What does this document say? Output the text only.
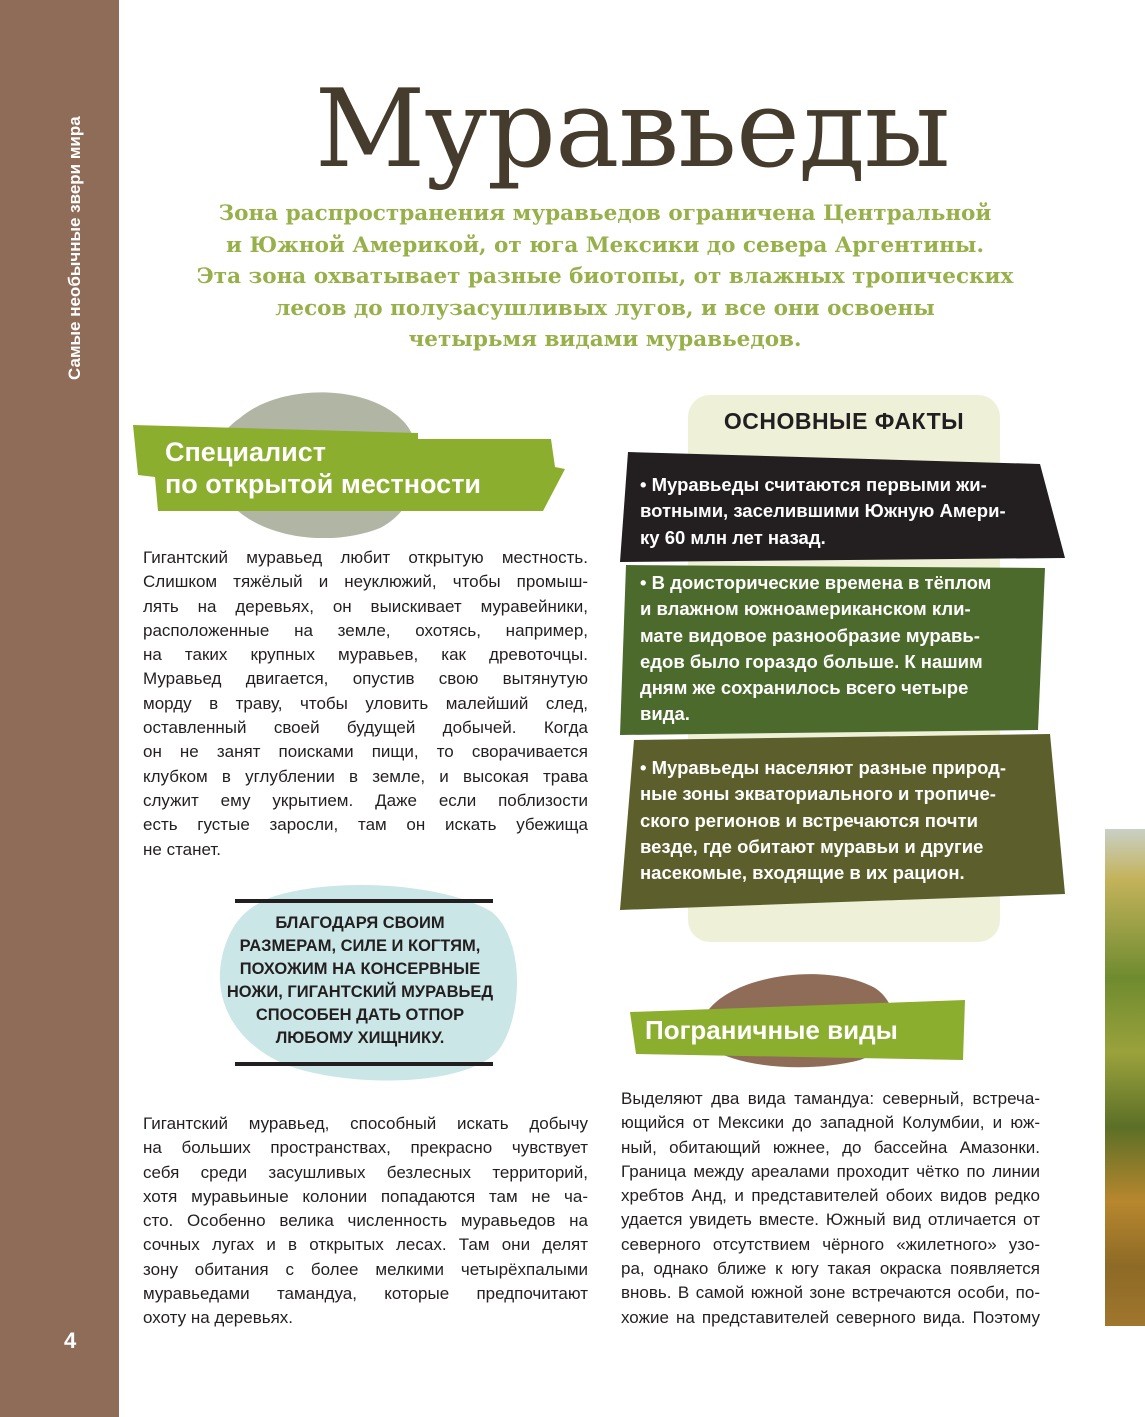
Самые необычные звери мира
4
Муравьеды
Зона распространения муравьедов ограничена Центральной
и Южной Америкой, от юга Мексики до севера Аргентины.
Эта зона охватывает разные биотопы, от влажных тропических
лесов до полузасушливых лугов, и все они освоены
четырьмя видами муравьедов.
Специалист
по открытой местности
Гигантский муравьед любит открытую местность.
Слишком тяжёлый и неуклюжий, чтобы промыш-
лять на деревьях, он выискивает муравейники,
расположенные на земле, охотясь, например,
на таких крупных муравьев, как древоточцы.
Муравьед двигается, опустив свою вытянутую
морду в траву, чтобы уловить малейший след,
оставленный своей будущей добычей. Когда
он не занят поисками пищи, то сворачивается
клубком в углублении в земле, и высокая трава
служит ему укрытием. Даже если поблизости
есть густые заросли, там он искать убежища
не станет.
БЛАГОДАРЯ СВОИМ
РАЗМЕРАМ, СИЛЕ И КОГТЯМ,
ПОХОЖИМ НА КОНСЕРВНЫЕ
НОЖИ, ГИГАНТСКИЙ МУРАВЬЕД
СПОСОБЕН ДАТЬ ОТПОР
ЛЮБОМУ ХИЩНИКУ.
Гигантский муравьед, способный искать добычу
на больших пространствах, прекрасно чувствует
себя среди засушливых безлесных территорий,
хотя муравьиные колонии попадаются там не ча-
сто. Особенно велика численность муравьедов на
сочных лугах и в открытых лесах. Там они делят
зону обитания с более мелкими четырёхпалыми
муравьедами тамандуа, которые предпочитают
охоту на деревьях.
ОСНОВНЫЕ ФАКТЫ
• Муравьеды считаются первыми жи-
вотными, заселившими Южную Амери-
ку 60 млн лет назад.
• В доисторические времена в тёплом
и влажном южноамериканском кли-
мате видовое разнообразие муравь-
едов было гораздо больше. К нашим
дням же сохранилось всего четыре
вида.
• Муравьеды населяют разные природ-
ные зоны экваториального и тропиче-
ского регионов и встречаются почти
везде, где обитают муравьи и другие
насекомые, входящие в их рацион.
Пограничные виды
Выделяют два вида тамандуа: северный, встреча-
ющийся от Мексики до западной Колумбии, и юж-
ный, обитающий южнее, до бассейна Амазонки.
Граница между ареалами проходит чётко по линии
хребтов Анд, и представителей обоих видов редко
удается увидеть вместе. Южный вид отличается от
северного отсутствием чёрного «жилетного» узо-
ра, однако ближе к югу такая окраска появляется
вновь. В самой южной зоне встречаются особи, по-
хожие на представителей северного вида. Поэтому
